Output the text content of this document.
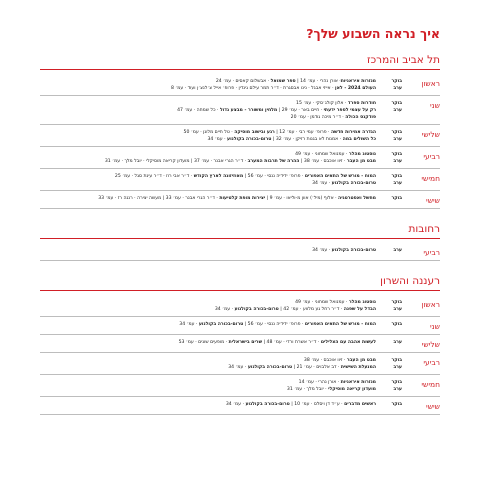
איך נראה השבוע שלך?
תל אביב והמרכז
ראשון
בוקר
מנזרות איראניות· אורן נהרי · עמ׳ 14 | ספר שמואל · אבשלום קאסים · עמ׳ 24
ערב
העולם 2024 - לאן · אייזי אבגל · נינו אבסגרת · ד״ר תמר עילם גינדין · פרופ׳ אייל צ׳לנצ׳ן ועוד · עמ׳ 8
שני
בוקר
חודרות ספרד · אלון קולג׳סקי · עמ׳ 15
ערב
רק על עצמי לספר ידעתי · חיים באר · עמ׳ 29 | מלחין ומשורר - מבצע גדול · כל שמחה · עמ׳ 47
פודקנס הכולה · ד״ר מיכה גודמן · עמ׳ 20
שלישי
בוקר
הגדרה אמירות חדשה · פרופ׳ עמי רבי · עמ׳ 12 | רגע ובישוב מוסיקה · טל חיים מלונן · עמ׳ 50
ערב
כל השולים במה · אמנות לא בגנות רזיקן · עמ׳ 32 | טרום-בכורה בקולנוע · עמ׳ 34
רביעי
בוקר
נוסטוג מהלר · עמנואל שמחוני · עמ׳ 49
ערב
מבט מן העבר · זיוו אוכבס · עמ׳ 38 | ההרה של תרבות המערב · ד״ר הגרי אבנר · עמ׳ 37 | מועדון קריאה מוסיקלי · יובל מלך · עמ׳ 31
חמישי
בוקר
המוח - מורש של התאים האפורים · פרופ׳ ידידיה ננסי · עמ׳ 56 | מאוזיזונה לארץ הקודש · ד״ר אבי רוז · ד״ר עינת סגל · עמ׳ 25
ערב
טרום-בכורה בקולנוע · עמ׳ 34
שישי
בוקר
מחשל ואסטרטגיה · אלוף (מיל׳) אוון מ-וליאו · עמ׳ 9 | יצירות מופת קלטיעות · ד״ר הגרי אבנר · עמ׳ 33 | מעשה יצירה · רננה רז · עמ׳ 33
רחובות
רביעי
ערב
טרום-בכורה בקולנוע · עמ׳ 34
רעננה והשרון
ראשון
בוקר
נוסטוג מהלר · עמנואל שמחוני · עמ׳ 49
ערב
הבדל על שפנה · ד״ר רחל גע מלווע · עמ׳ 42 | טרום-בכורה בקולנוע · עמ׳ 34
שני
בוקר
המוח - מורש של התאים האפורים · פרופ׳ ידידיה ננסי · עמ׳ 56 | טרום-בכורה בקולנוע · עמ׳ 34
שלישי
ערב
לעשות אהבה עם הצלילים · ד״ר אשרת ורדי · עמ׳ 48 | שרים בישראלית · מופעים שונים · עמ׳ 53
רביעי
בוקר
מבט מן העבר · זיוו אוכבס · עמ׳ 38
ערב
המנעלת השישית · דב אלבוים · עמ׳ 21 | טרום-בכורה בקולנוע · עמ׳ 34
חמישי
בוקר
מנזרות איראניות · אורן נהרי · עמ׳ 14
ערב
מועדון קריאה מוסיקלי · יובל מלך · עמ׳ 31
שישי
בוקר
ראשים מדברים · ע״ד דן ויסלס · עמ׳ 10 | טרום-בכורה בקולנוע · עמ׳ 34
